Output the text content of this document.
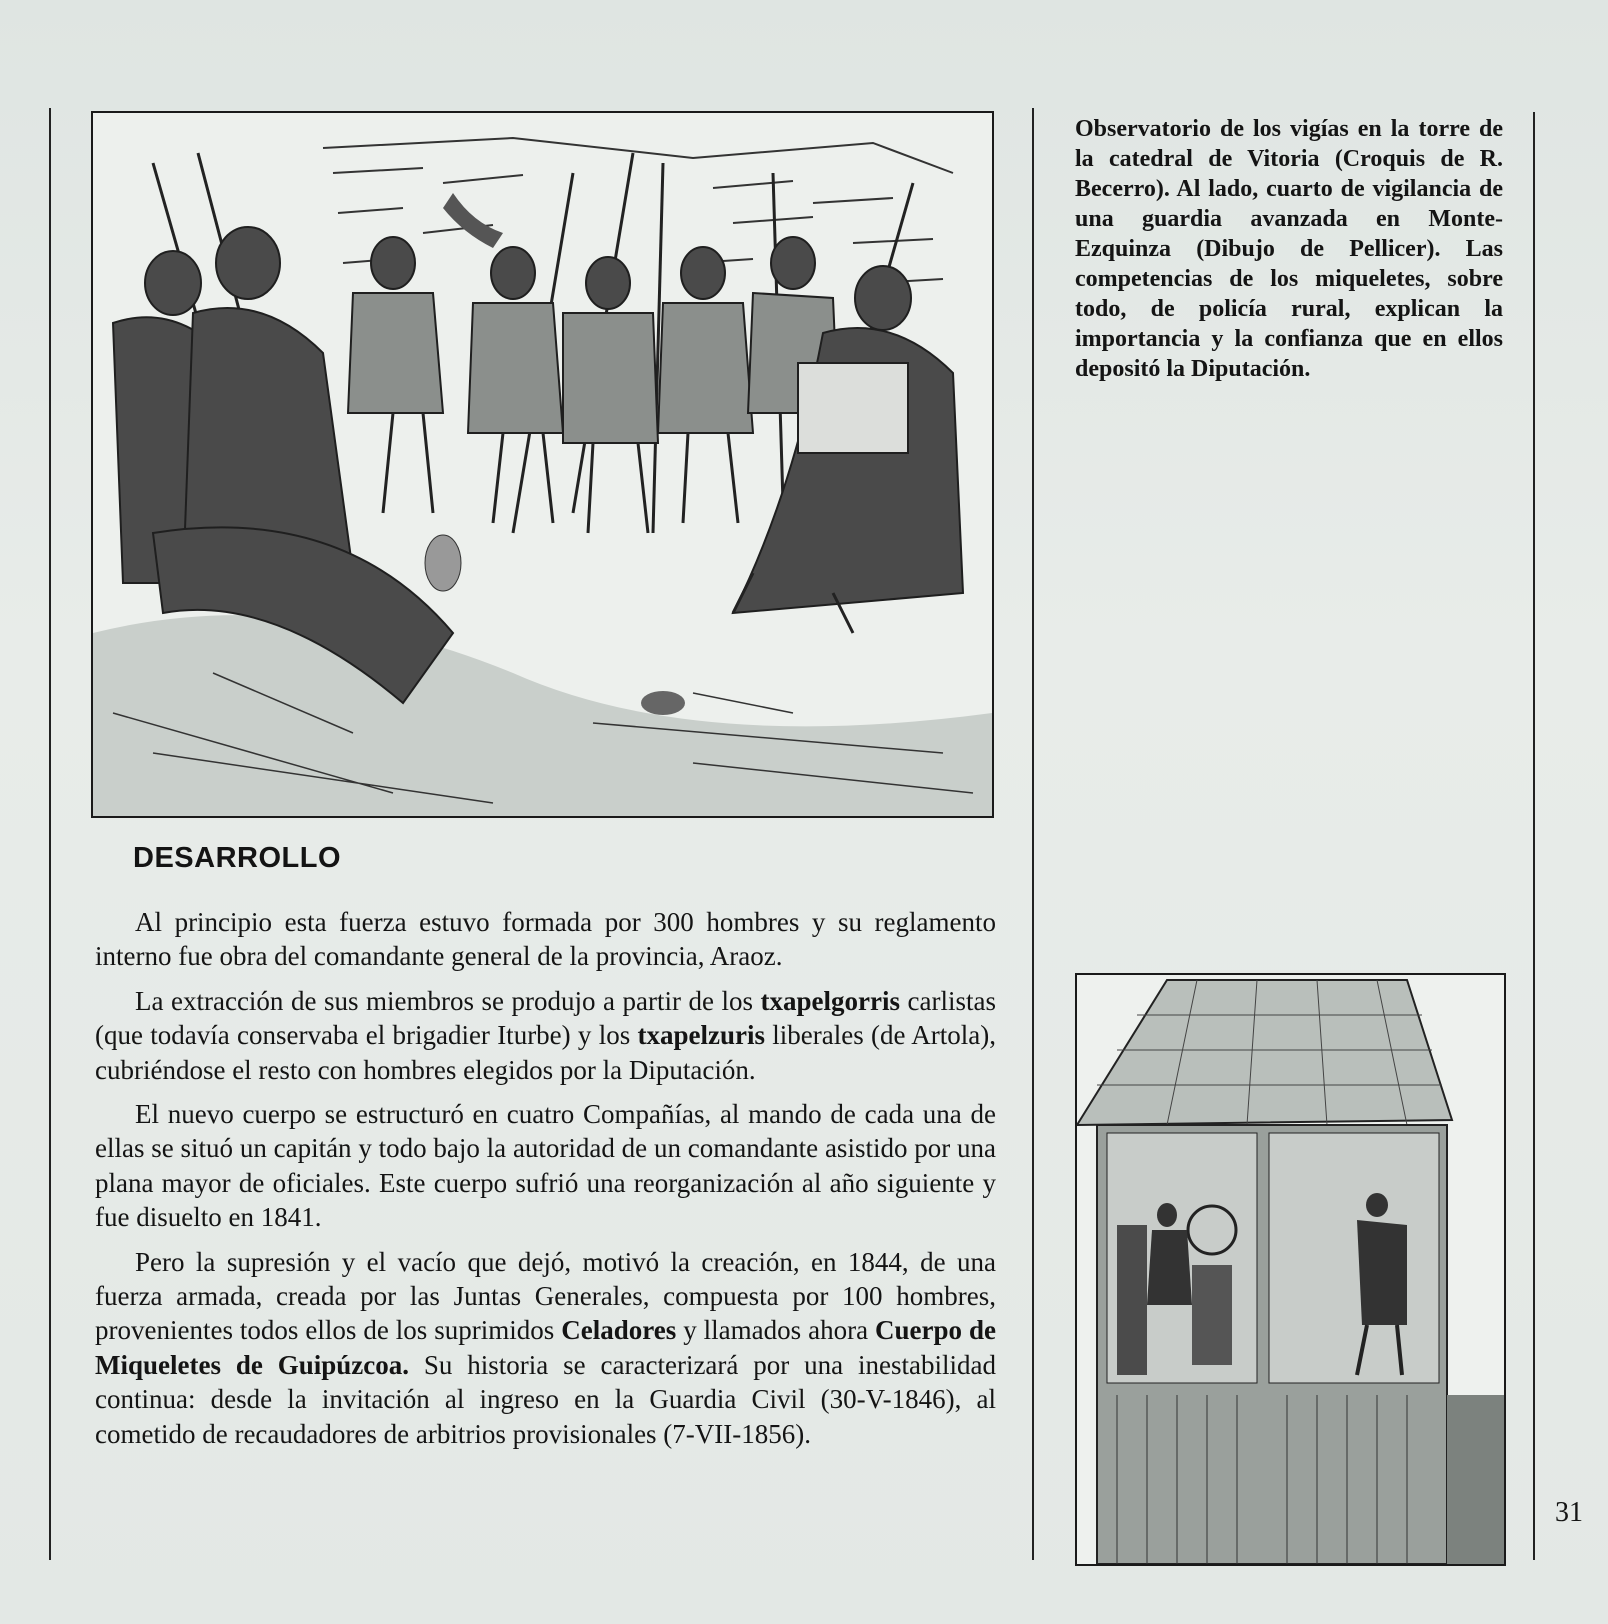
Observatorio de los vigías en la torre de la catedral de Vitoria (Croquis de R. Becerro). Al lado, cuarto de vigilancia de una guardia avanzada en Monte-Ezquinza (Dibujo de Pellicer). Las competencias de los miqueletes, sobre todo, de policía rural, explican la importancia y la confianza que en ellos depositó la Diputación.

DESARROLLO

Al principio esta fuerza estuvo formada por 300 hombres y su reglamento interno fue obra del comandante general de la provincia, Araoz.

La extracción de sus miembros se produjo a partir de los txapelgorris carlistas (que todavía conservaba el brigadier Iturbe) y los txapelzuris liberales (de Artola), cubriéndose el resto con hombres elegidos por la Diputación.

El nuevo cuerpo se estructuró en cuatro Compañías, al mando de cada una de ellas se situó un capitán y todo bajo la autoridad de un comandante asistido por una plana mayor de oficiales. Este cuerpo sufrió una reorganización al año siguiente y fue disuelto en 1841.

Pero la supresión y el vacío que dejó, motivó la creación, en 1844, de una fuerza armada, creada por las Juntas Generales, compuesta por 100 hombres, provenientes todos ellos de los suprimidos Celadores y llamados ahora Cuerpo de Miqueletes de Guipúzcoa. Su historia se caracterizará por una inestabilidad continua: desde la invitación al ingreso en la Guardia Civil (30-V-1846), al cometido de recaudadores de arbitrios provisionales (7-VII-1856).

31
